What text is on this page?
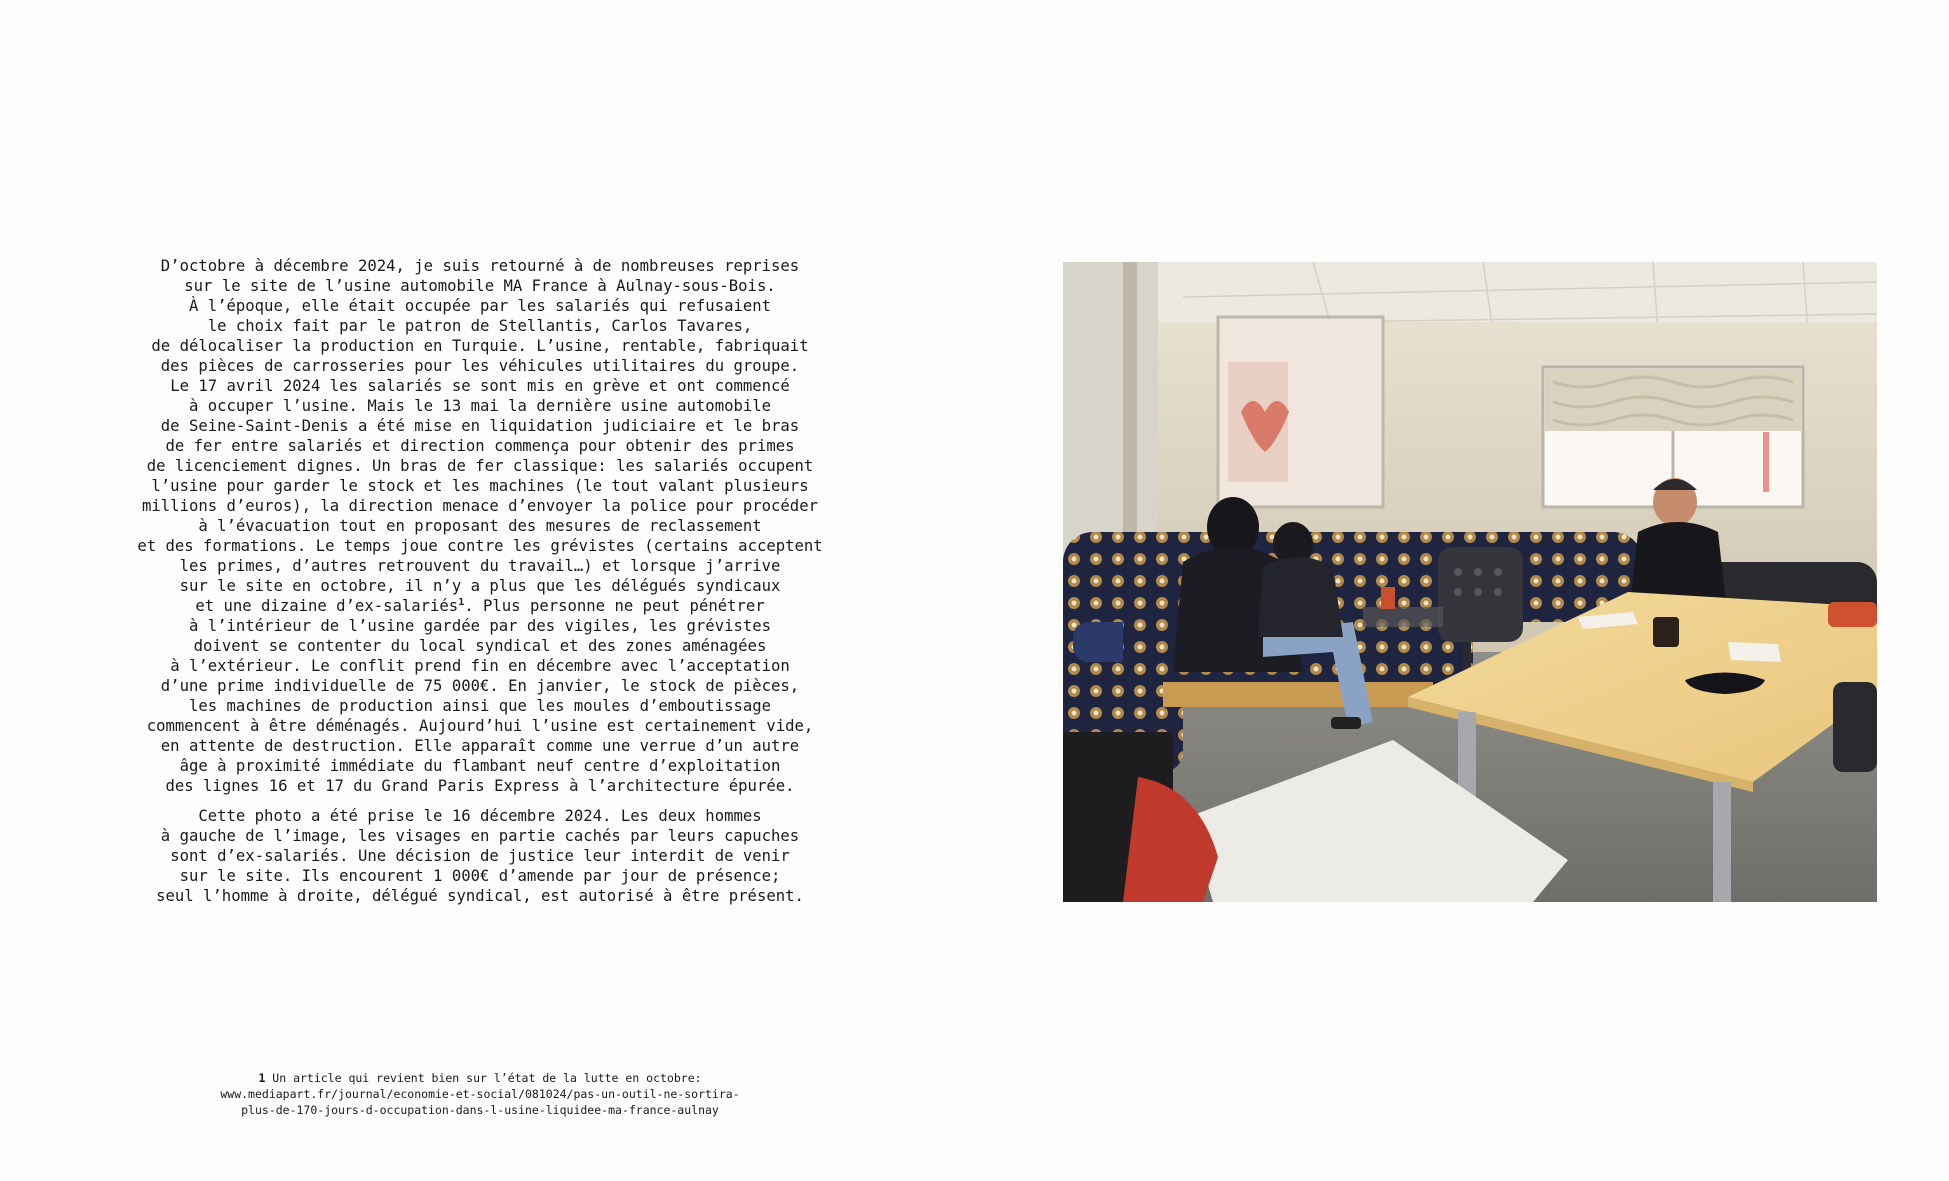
D’octobre à décembre 2024, je suis retourné à de nombreuses reprises

sur le site de l’usine automobile MA France à Aulnay-sous-Bois.

À l’époque, elle était occupée par les salariés qui refusaient

le choix fait par le patron de Stellantis, Carlos Tavares,

de délocaliser la production en Turquie. L’usine, rentable, fabriquait

des pièces de carrosseries pour les véhicules utilitaires du groupe.

Le 17 avril 2024 les salariés se sont mis en grève et ont commencé

à occuper l’usine. Mais le 13 mai la dernière usine automobile

de Seine-Saint-Denis a été mise en liquidation judiciaire et le bras

de fer entre salariés et direction commença pour obtenir des primes

de licenciement dignes. Un bras de fer classique: les salariés occupent

l’usine pour garder le stock et les machines (le tout valant plusieurs

millions d’euros), la direction menace d’envoyer la police pour procéder

à l’évacuation tout en proposant des mesures de reclassement

et des formations. Le temps joue contre les grévistes (certains acceptent

les primes, d’autres retrouvent du travail…) et lorsque j’arrive

sur le site en octobre, il n’y a plus que les délégués syndicaux

et une dizaine d’ex-salariés$^1$. Plus personne ne peut pénétrer

à l’intérieur de l’usine gardée par des vigiles, les grévistes

doivent se contenter du local syndical et des zones aménagées

à l’extérieur. Le conflit prend fin en décembre avec l’acceptation

d’une prime individuelle de 75 000€. En janvier, le stock de pièces,

les machines de production ainsi que les moules d’emboutissage

commencent à être déménagés. Aujourd’hui l’usine est certainement vide,

en attente de destruction. Elle apparaît comme une verrue d’un autre

âge à proximité immédiate du flambant neuf centre d’exploitation

des lignes 16 et 17 du Grand Paris Express à l’architecture épurée.

Cette photo a été prise le 16 décembre 2024. Les deux hommes

à gauche de l’image, les visages en partie cachés par leurs capuches

sont d’ex-salariés. Une décision de justice leur interdit de venir

sur le site. Ils encourent 1 000€ d’amende par jour de présence;

seul l’homme à droite, délégué syndical, est autorisé à être présent.

1 Un article qui revient bien sur l’état de la lutte en octobre:
www.mediapart.fr/journal/economie-et-social/081024/pas-un-outil-ne-sortira-
plus-de-170-jours-d-occupation-dans-l-usine-liquidee-ma-france-aulnay
